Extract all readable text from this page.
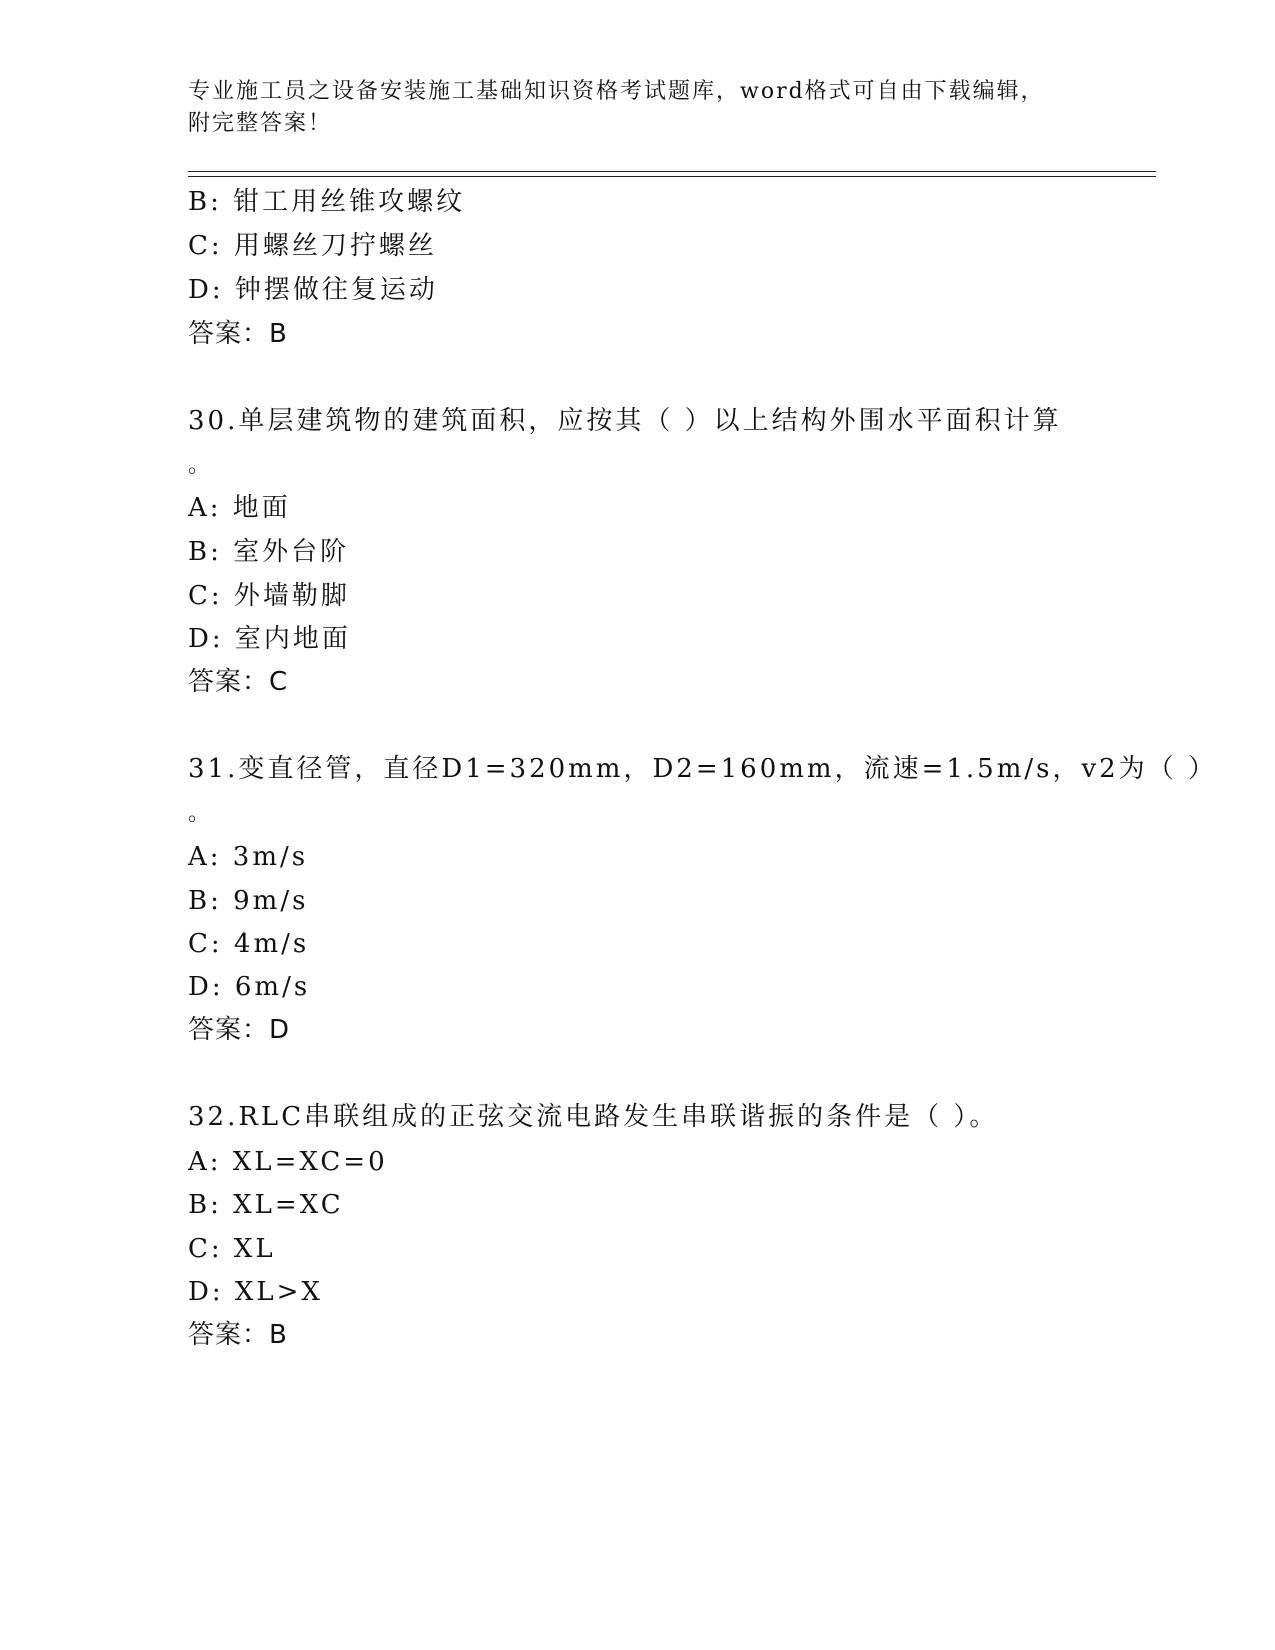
专业施工员之设备安装施工基础知识资格考试题库，word格式可自由下载编辑，
附完整答案！
B: 钳工用丝锥攻螺纹
C: 用螺丝刀拧螺丝
D: 钟摆做往复运动
答案：B
30.单层建筑物的建筑面积，应按其（ ）以上结构外围水平面积计算
。
A: 地面
B: 室外台阶
C: 外墙勒脚
D: 室内地面
答案：C
31.变直径管，直径D1=320mm，D2=160mm，流速=1.5m/s，v2为（ ）
。
A: 3m/s
B: 9m/s
C: 4m/s
D: 6m/s
答案：D
32.RLC串联组成的正弦交流电路发生串联谐振的条件是（ ）。
A: XL=XC=0
B: XL=XC
C: XL
D: XL>X
答案：B
